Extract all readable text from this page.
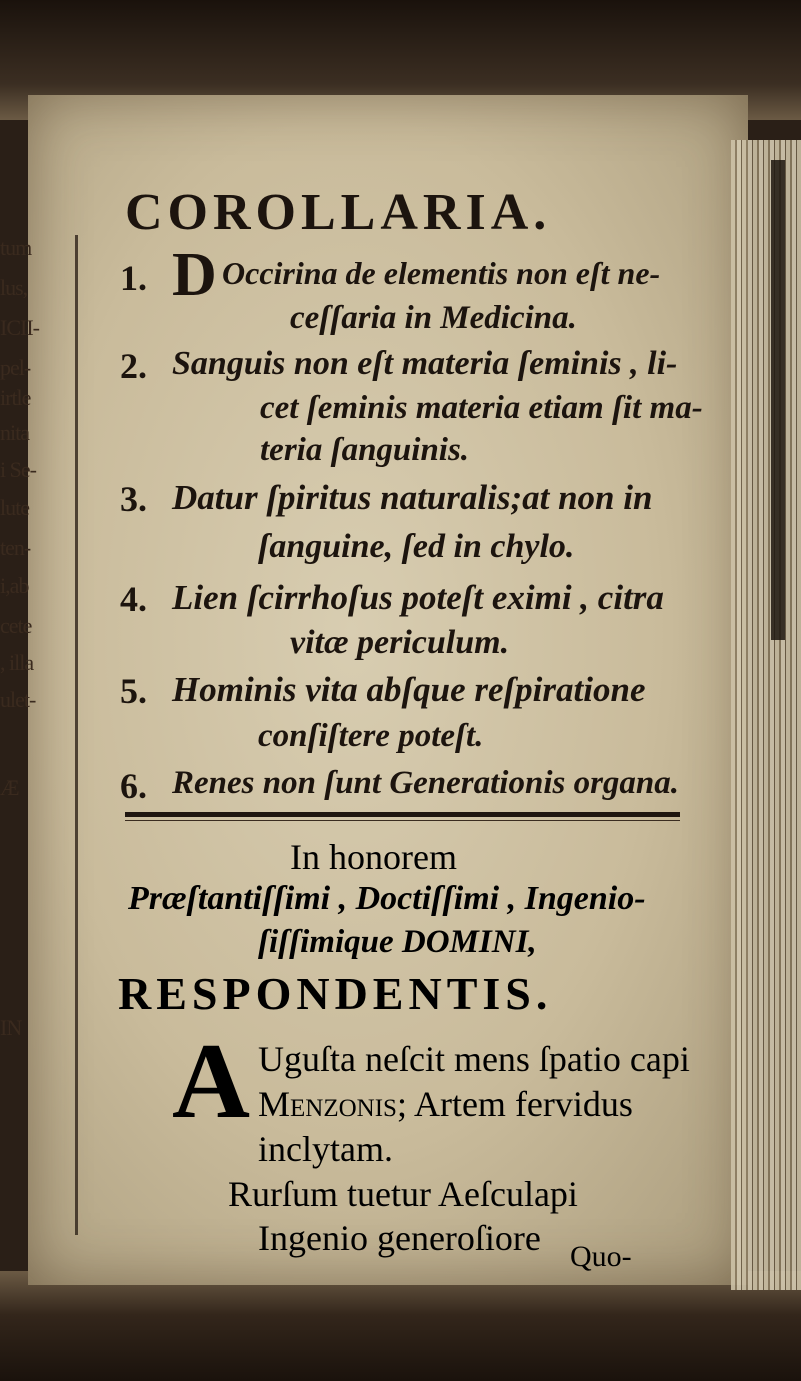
tum
lus,
ICII-
pel-
irtle
nita
i Se-
lute
ten-
i,ab
cete
, illa
ulet-
Æ
IN
COROLLARIA.
1. D Occirina de elementis non eſt ne-
ceſſaria in Medicina.
2. Sanguis non eſt materia ſeminis , li-
cet ſeminis materia etiam ſit ma-
teria ſanguinis.
3. Datur ſpiritus naturalis;at non in
ſanguine, ſed in chylo.
4. Lien ſcirrhoſus poteſt eximi , citra
vitæ periculum.
5. Hominis vita abſque reſpiratione
conſiſtere poteſt.
6. Renes non ſunt Generationis organa.
In honorem
Præſtantiſſimi , Doctiſſimi , Ingenio-
ſiſſimique DOMINI,
RESPONDENTIS.
A Uguſta neſcit mens ſpatio capi
Menzonis; Artem fervidus
inclytam.
Rurſum tuetur Aeſculapi
Ingenio generoſiore Quo-
